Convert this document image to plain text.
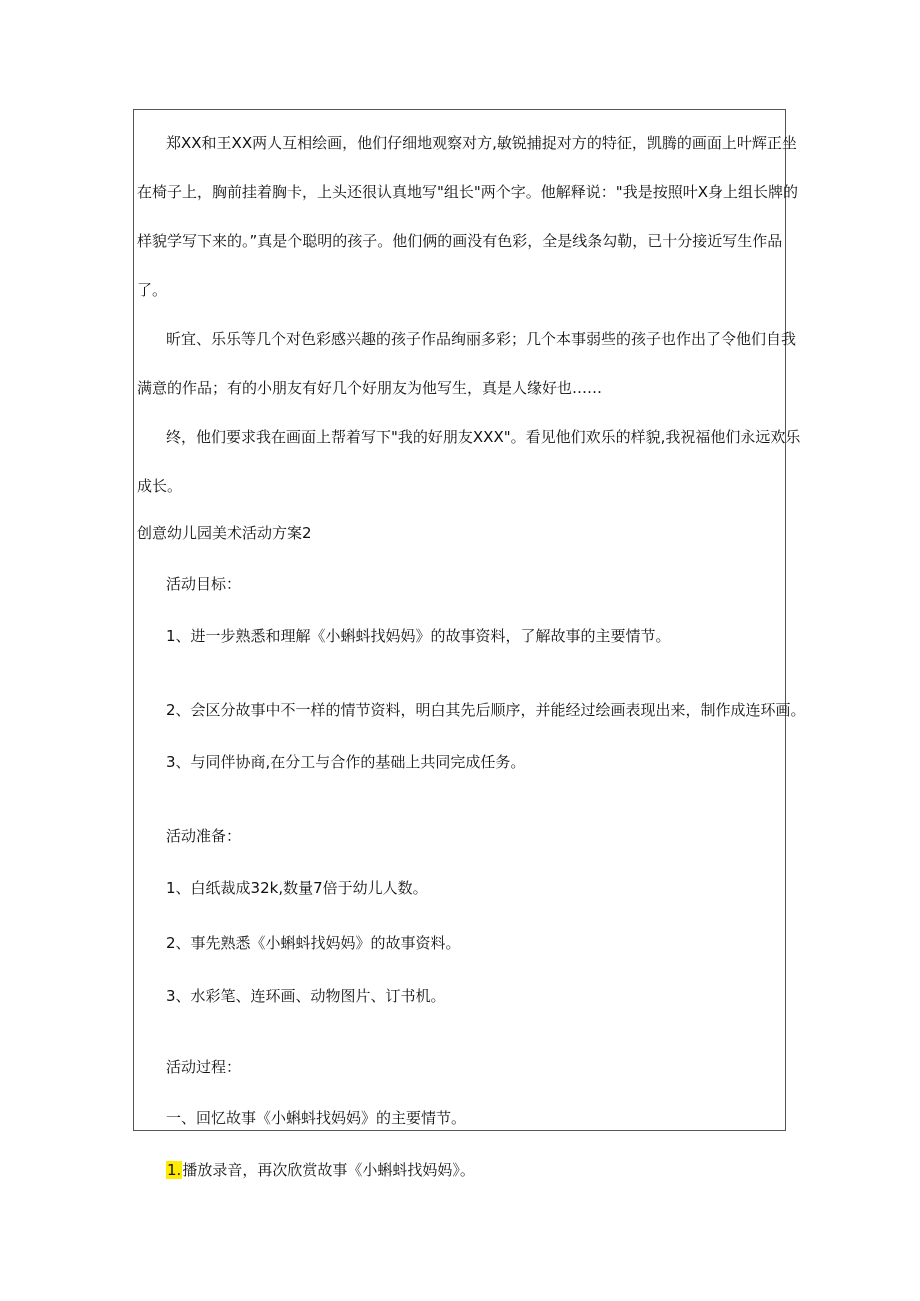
郑XX和王XX两人互相绘画，他们仔细地观察对方,敏锐捕捉对方的特征，凯腾的画面上叶辉正坐

在椅子上，胸前挂着胸卡，上头还很认真地写"组长"两个字。他解释说："我是按照叶X身上组长牌的

样貌学写下来的。”真是个聪明的孩子。他们俩的画没有色彩，全是线条勾勒，已十分接近写生作品

了。

昕宜、乐乐等几个对色彩感兴趣的孩子作品绚丽多彩；几个本事弱些的孩子也作出了令他们自我

满意的作品；有的小朋友有好几个好朋友为他写生，真是人缘好也……

终，他们要求我在画面上帮着写下"我的好朋友XXX"。看见他们欢乐的样貌,我祝福他们永远欢乐

成长。

创意幼儿园美术活动方案2

活动目标：

1、进一步熟悉和理解《小蝌蚪找妈妈》的故事资料，了解故事的主要情节。

2、会区分故事中不一样的情节资料，明白其先后顺序，并能经过绘画表现出来，制作成连环画。

3、与同伴协商,在分工与合作的基础上共同完成任务。

活动准备：

1、白纸裁成32k,数量7倍于幼儿人数。

2、事先熟悉《小蝌蚪找妈妈》的故事资料。

3、水彩笔、连环画、动物图片、订书机。

活动过程：

一、回忆故事《小蝌蚪找妈妈》的主要情节。

1.播放录音，再次欣赏故事《小蝌蚪找妈妈》。
